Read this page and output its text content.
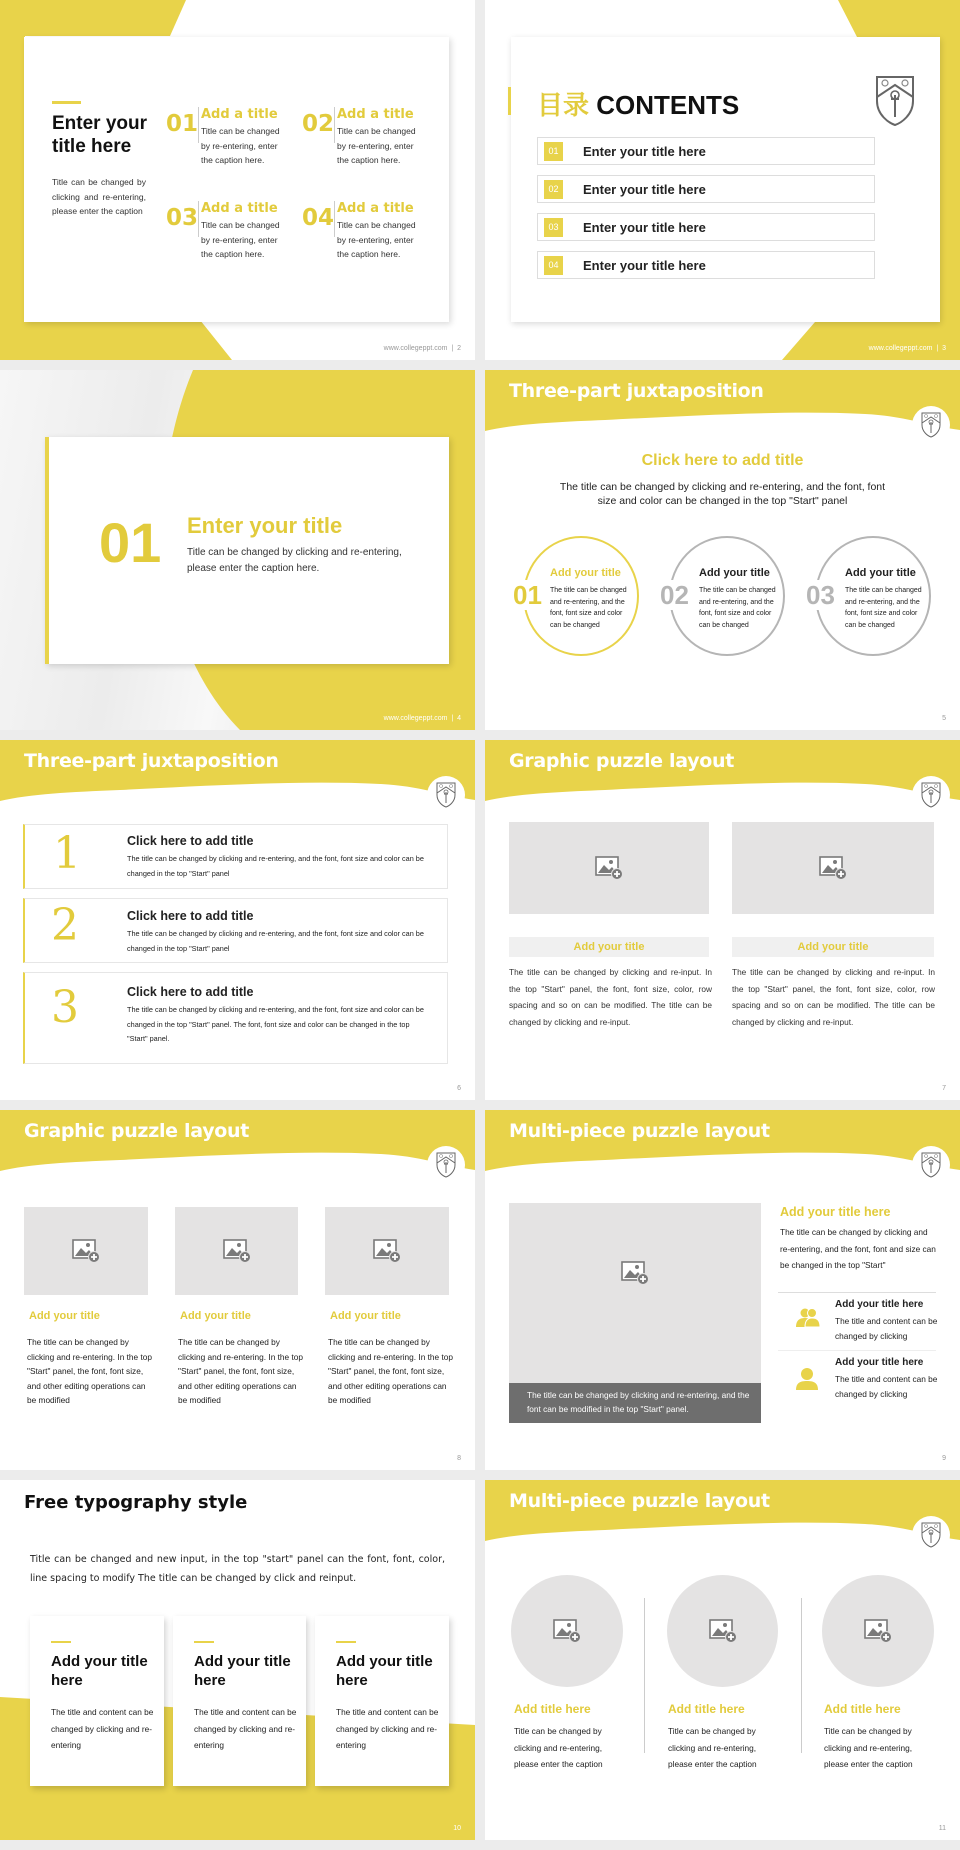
Enter your title here
Title can be changed by clicking and re-entering, please enter the caption
01 Add a title
Title can be changed by re-entering, enter the caption here.
02 Add a title
Title can be changed by re-entering, enter the caption here.
03 Add a title
Title can be changed by re-entering, enter the caption here.
04 Add a title
Title can be changed by re-entering, enter the caption here.
www.collegeppt.com  |  2
目录 CONTENTS
01	Enter your title here
02	Enter your title here
03	Enter your title here
04	Enter your title here
www.collegeppt.com  |  3
01 Enter your title
Title can be changed by clicking and re-entering, please enter the caption here.
www.collegeppt.com  |  4
Three-part juxtaposition
Click here to add title
The title can be changed by clicking and re-entering, and the font, font size and color can be changed in the top "Start" panel
01	02	03
Add your title	Add your title	Add your title
The title can be changed and re-entering, and the font, font size and color can be changed
The title can be changed and re-entering, and the font, font size and color can be changed
The title can be changed and re-entering, and the font, font size and color can be changed
5
Three-part juxtaposition
1	Click here to add title
The title can be changed by clicking and re-entering, and the font, font size and color can be changed in the top "Start" panel
2	Click here to add title
The title can be changed by clicking and re-entering, and the font, font size and color can be changed in the top "Start" panel
3	Click here to add title
The title can be changed by clicking and re-entering, and the font, font size and color can be changed in the top "Start" panel. The font, font size and color can be changed in the top "Start" panel.
6
Graphic puzzle layout
Add your title	Add your title
The title can be changed by clicking and re-input. In the top "Start" panel, the font, font size, color, row spacing and so on can be modified. The title can be changed by clicking and re-input.
The title can be changed by clicking and re-input. In the top "Start" panel, the font, font size, color, row spacing and so on can be modified. The title can be changed by clicking and re-input.
7
Graphic puzzle layout
Add your title	Add your title	Add your title
The title can be changed by clicking and re-entering. In the top "Start" panel, the font, font size, and other editing operations can be modified
The title can be changed by clicking and re-entering. In the top "Start" panel, the font, font size, and other editing operations can be modified
The title can be changed by clicking and re-entering. In the top "Start" panel, the font, font size, and other editing operations can be modified
8
Multi-piece puzzle layout
The title can be changed by clicking and re-entering, and the font can be modified in the top "Start" panel.
Add your title here
The title can be changed by clicking and re-entering, and the font, font and size can be changed in the top "Start"
Add your title here
The title and content can be changed by clicking
Add your title here
The title and content can be changed by clicking
9
Free typography style
Title can be changed and new input, in the top "start" panel can the font, font, color, line spacing to modify The title can be changed by click and reinput.
Add your title here
The title and content can be changed by clicking and re-entering
Add your title here
The title and content can be changed by clicking and re-entering
Add your title here
The title and content can be changed by clicking and re-entering
10
Multi-piece puzzle layout
Add title here	Add title here	Add title here
Title can be changed by clicking and re-entering, please enter the caption
Title can be changed by clicking and re-entering, please enter the caption
Title can be changed by clicking and re-entering, please enter the caption
11
